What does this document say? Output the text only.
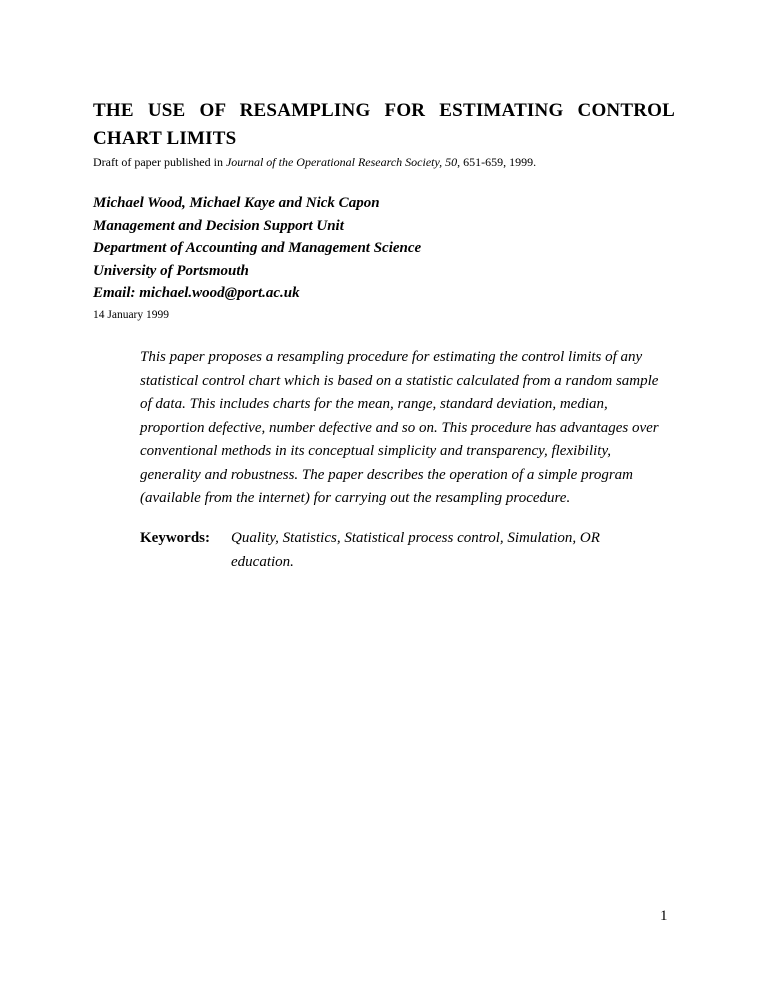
THE USE OF RESAMPLING FOR ESTIMATING CONTROL
CHART LIMITS
Draft of paper published in Journal of the Operational Research Society, 50, 651-659, 1999.
Michael Wood, Michael Kaye and Nick Capon
Management and Decision Support Unit
Department of Accounting and Management Science
University of Portsmouth
Email: michael.wood@port.ac.uk
14 January 1999
This paper proposes a resampling procedure for estimating the control limits of any statistical control chart which is based on a statistic calculated from a random sample of data. This includes charts for the mean, range, standard deviation, median, proportion defective, number defective and so on. This procedure has advantages over conventional methods in its conceptual simplicity and transparency, flexibility, generality and robustness. The paper describes the operation of a simple program (available from the internet) for carrying out the resampling procedure.
Keywords:	Quality, Statistics, Statistical process control, Simulation, OR education.
1
